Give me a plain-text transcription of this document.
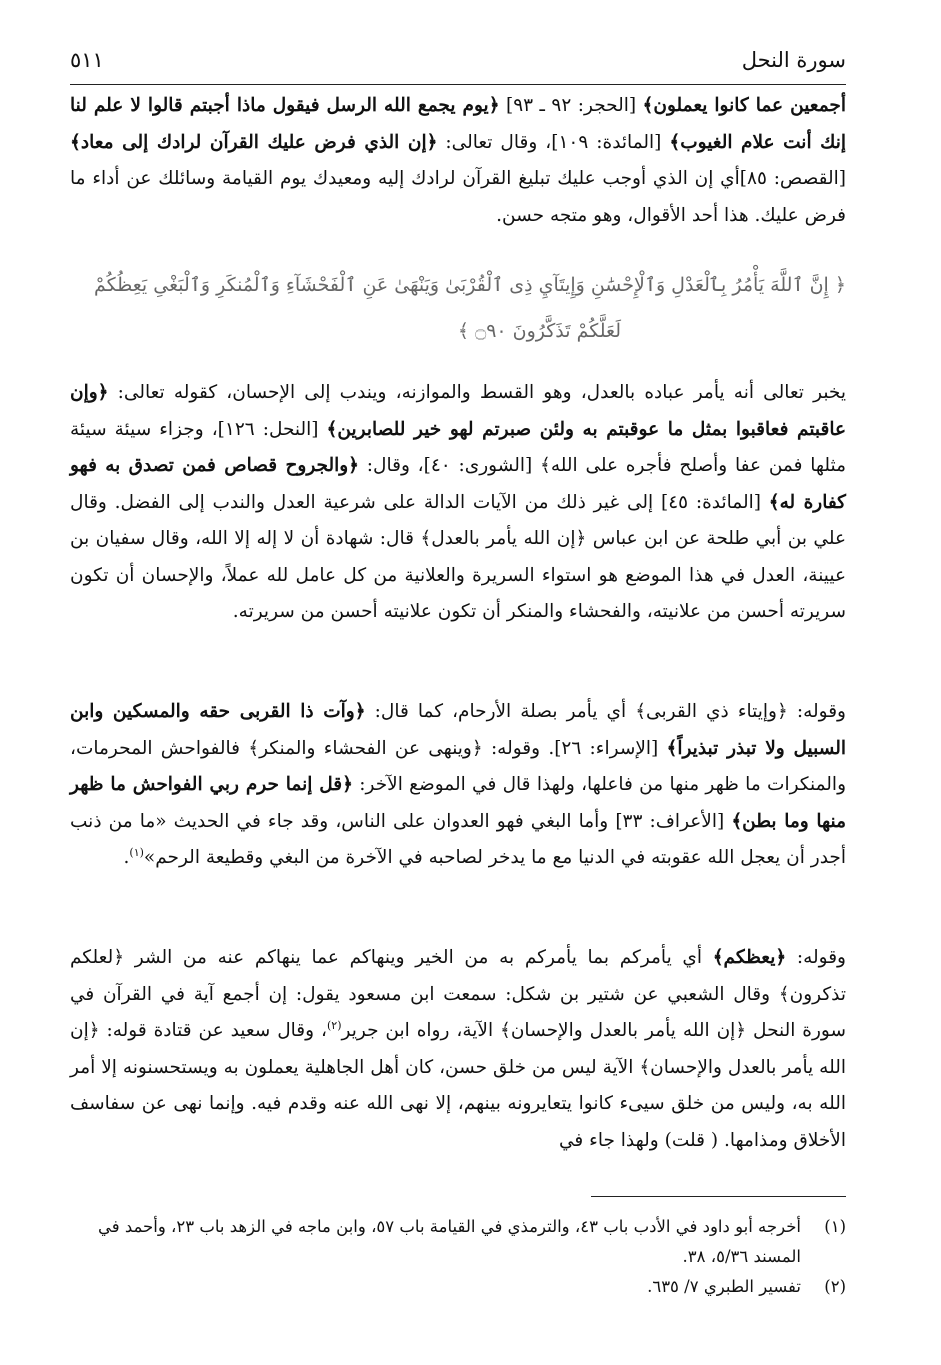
سورة النحل
٥١١

أجمعين عما كانوا يعملون﴾ [الحجر: ٩٢ ـ ٩٣] ﴿يوم يجمع الله الرسل فيقول ماذا أجبتم قالوا لا علم لنا إنك أنت علام الغيوب﴾ [المائدة: ١٠٩]، وقال تعالى: ﴿إن الذي فرض عليك القرآن لرادك إلى معاد﴾ [القصص: ٨٥]أي إن الذي أوجب عليك تبليغ القرآن لرادك إليه ومعيدك يوم القيامة وسائلك عن أداء ما فرض عليك. هذا أحد الأقوال، وهو متجه حسن.

﴿ إِنَّ ٱللَّهَ يَأْمُرُ بِٱلْعَدْلِ وَٱلْإِحْسَٰنِ وَإِيتَآيِ ذِى ٱلْقُرْبَىٰ وَيَنْهَىٰ عَنِ ٱلْفَحْشَآءِ وَٱلْمُنكَرِ وَٱلْبَغْىِ يَعِظُكُمْ
لَعَلَّكُمْ تَذَكَّرُونَ ۝٩٠ ﴾

يخبر تعالى أنه يأمر عباده بالعدل، وهو القسط والموازنه، ويندب إلى الإحسان، كقوله تعالى: ﴿وإن عاقبتم فعاقبوا بمثل ما عوقبتم به ولئن صبرتم لهو خير للصابرين﴾ [النحل: ١٢٦]، وجزاء سيئة سيئة مثلها فمن عفا وأصلح فأجره على الله﴾ [الشورى: ٤٠]، وقال: ﴿والجروح قصاص فمن تصدق به فهو كفارة له﴾ [المائدة: ٤٥] إلى غير ذلك من الآيات الدالة على شرعية العدل والندب إلى الفضل. وقال علي بن أبي طلحة عن ابن عباس ﴿إن الله يأمر بالعدل﴾ قال: شهادة أن لا إله إلا الله، وقال سفيان بن عيينة، العدل في هذا الموضع هو استواء السريرة والعلانية من كل عامل لله عملاً، والإحسان أن تكون سريرته أحسن من علانيته، والفحشاء والمنكر أن تكون علانيته أحسن من سريرته.

وقوله: ﴿وإيتاء ذي القربى﴾ أي يأمر بصلة الأرحام، كما قال: ﴿وآت ذا القربى حقه والمسكين وابن السبيل ولا تبذر تبذيراً﴾ [الإسراء: ٢٦]. وقوله: ﴿وينهى عن الفحشاء والمنكر﴾ فالفواحش المحرمات، والمنكرات ما ظهر منها من فاعلها، ولهذا قال في الموضع الآخر: ﴿قل إنما حرم ربي الفواحش ما ظهر منها وما بطن﴾ [الأعراف: ٣٣] وأما البغي فهو العدوان على الناس، وقد جاء في الحديث «ما من ذنب أجدر أن يعجل الله عقوبته في الدنيا مع ما يدخر لصاحبه في الآخرة من البغي وقطيعة الرحم»$^{(١)}$.

وقوله: ﴿يعظكم﴾ أي يأمركم بما يأمركم به من الخير وينهاكم عما ينهاكم عنه من الشر ﴿لعلكم تذكرون﴾ وقال الشعبي عن شتير بن شكل: سمعت ابن مسعود يقول: إن أجمع آية في القرآن في سورة النحل ﴿إن الله يأمر بالعدل والإحسان﴾ الآية، رواه ابن جرير$^{(٢)}$، وقال سعيد عن قتادة قوله: ﴿إن الله يأمر بالعدل والإحسان﴾ الآية ليس من خلق حسن، كان أهل الجاهلية يعملون به ويستحسنونه إلا أمر الله به، وليس من خلق سيىء كانوا يتعايرونه بينهم، إلا نهى الله عنه وقدم فيه. وإنما نهى عن سفاسف الأخلاق ومذامها. ( قلت) ولهذا جاء في

(١)
أخرجه أبو داود في الأدب باب ٤٣، والترمذي في القيامة باب ٥٧، وابن ماجه في الزهد باب ٢٣، وأحمد في المسند ٥/٣٦، ٣٨.
(٢)
تفسير الطبري ٧/ ٦٣٥.
